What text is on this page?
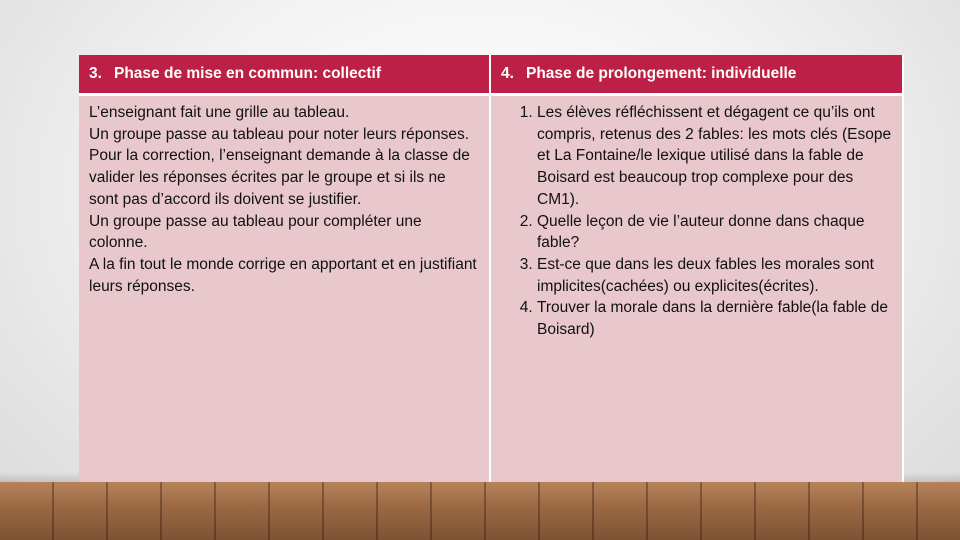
3. Phase de mise en commun: collectif	4. Phase de prolongement: individuelle

L’enseignant fait une grille au tableau.

Un groupe passe au tableau pour noter leurs réponses.

Pour la correction, l’enseignant demande à la classe de valider les réponses écrites par le groupe et si ils ne sont pas d’accord ils doivent se justifier.

Un groupe passe au tableau pour compléter une colonne.

A la fin tout le monde corrige en apportant et en justifiant leurs réponses.

1. Les élèves réfléchissent et dégagent ce qu’ils ont compris, retenus des 2 fables: les mots clés (Esope et La Fontaine/le lexique utilisé dans la fable de Boisard est beaucoup trop complexe pour des CM1).
2. Quelle leçon de vie l’auteur donne dans chaque fable?
3. Est-ce que dans les deux fables les morales sont implicites(cachées) ou explicites(écrites).
4. Trouver la morale dans la dernière fable(la fable de Boisard)
